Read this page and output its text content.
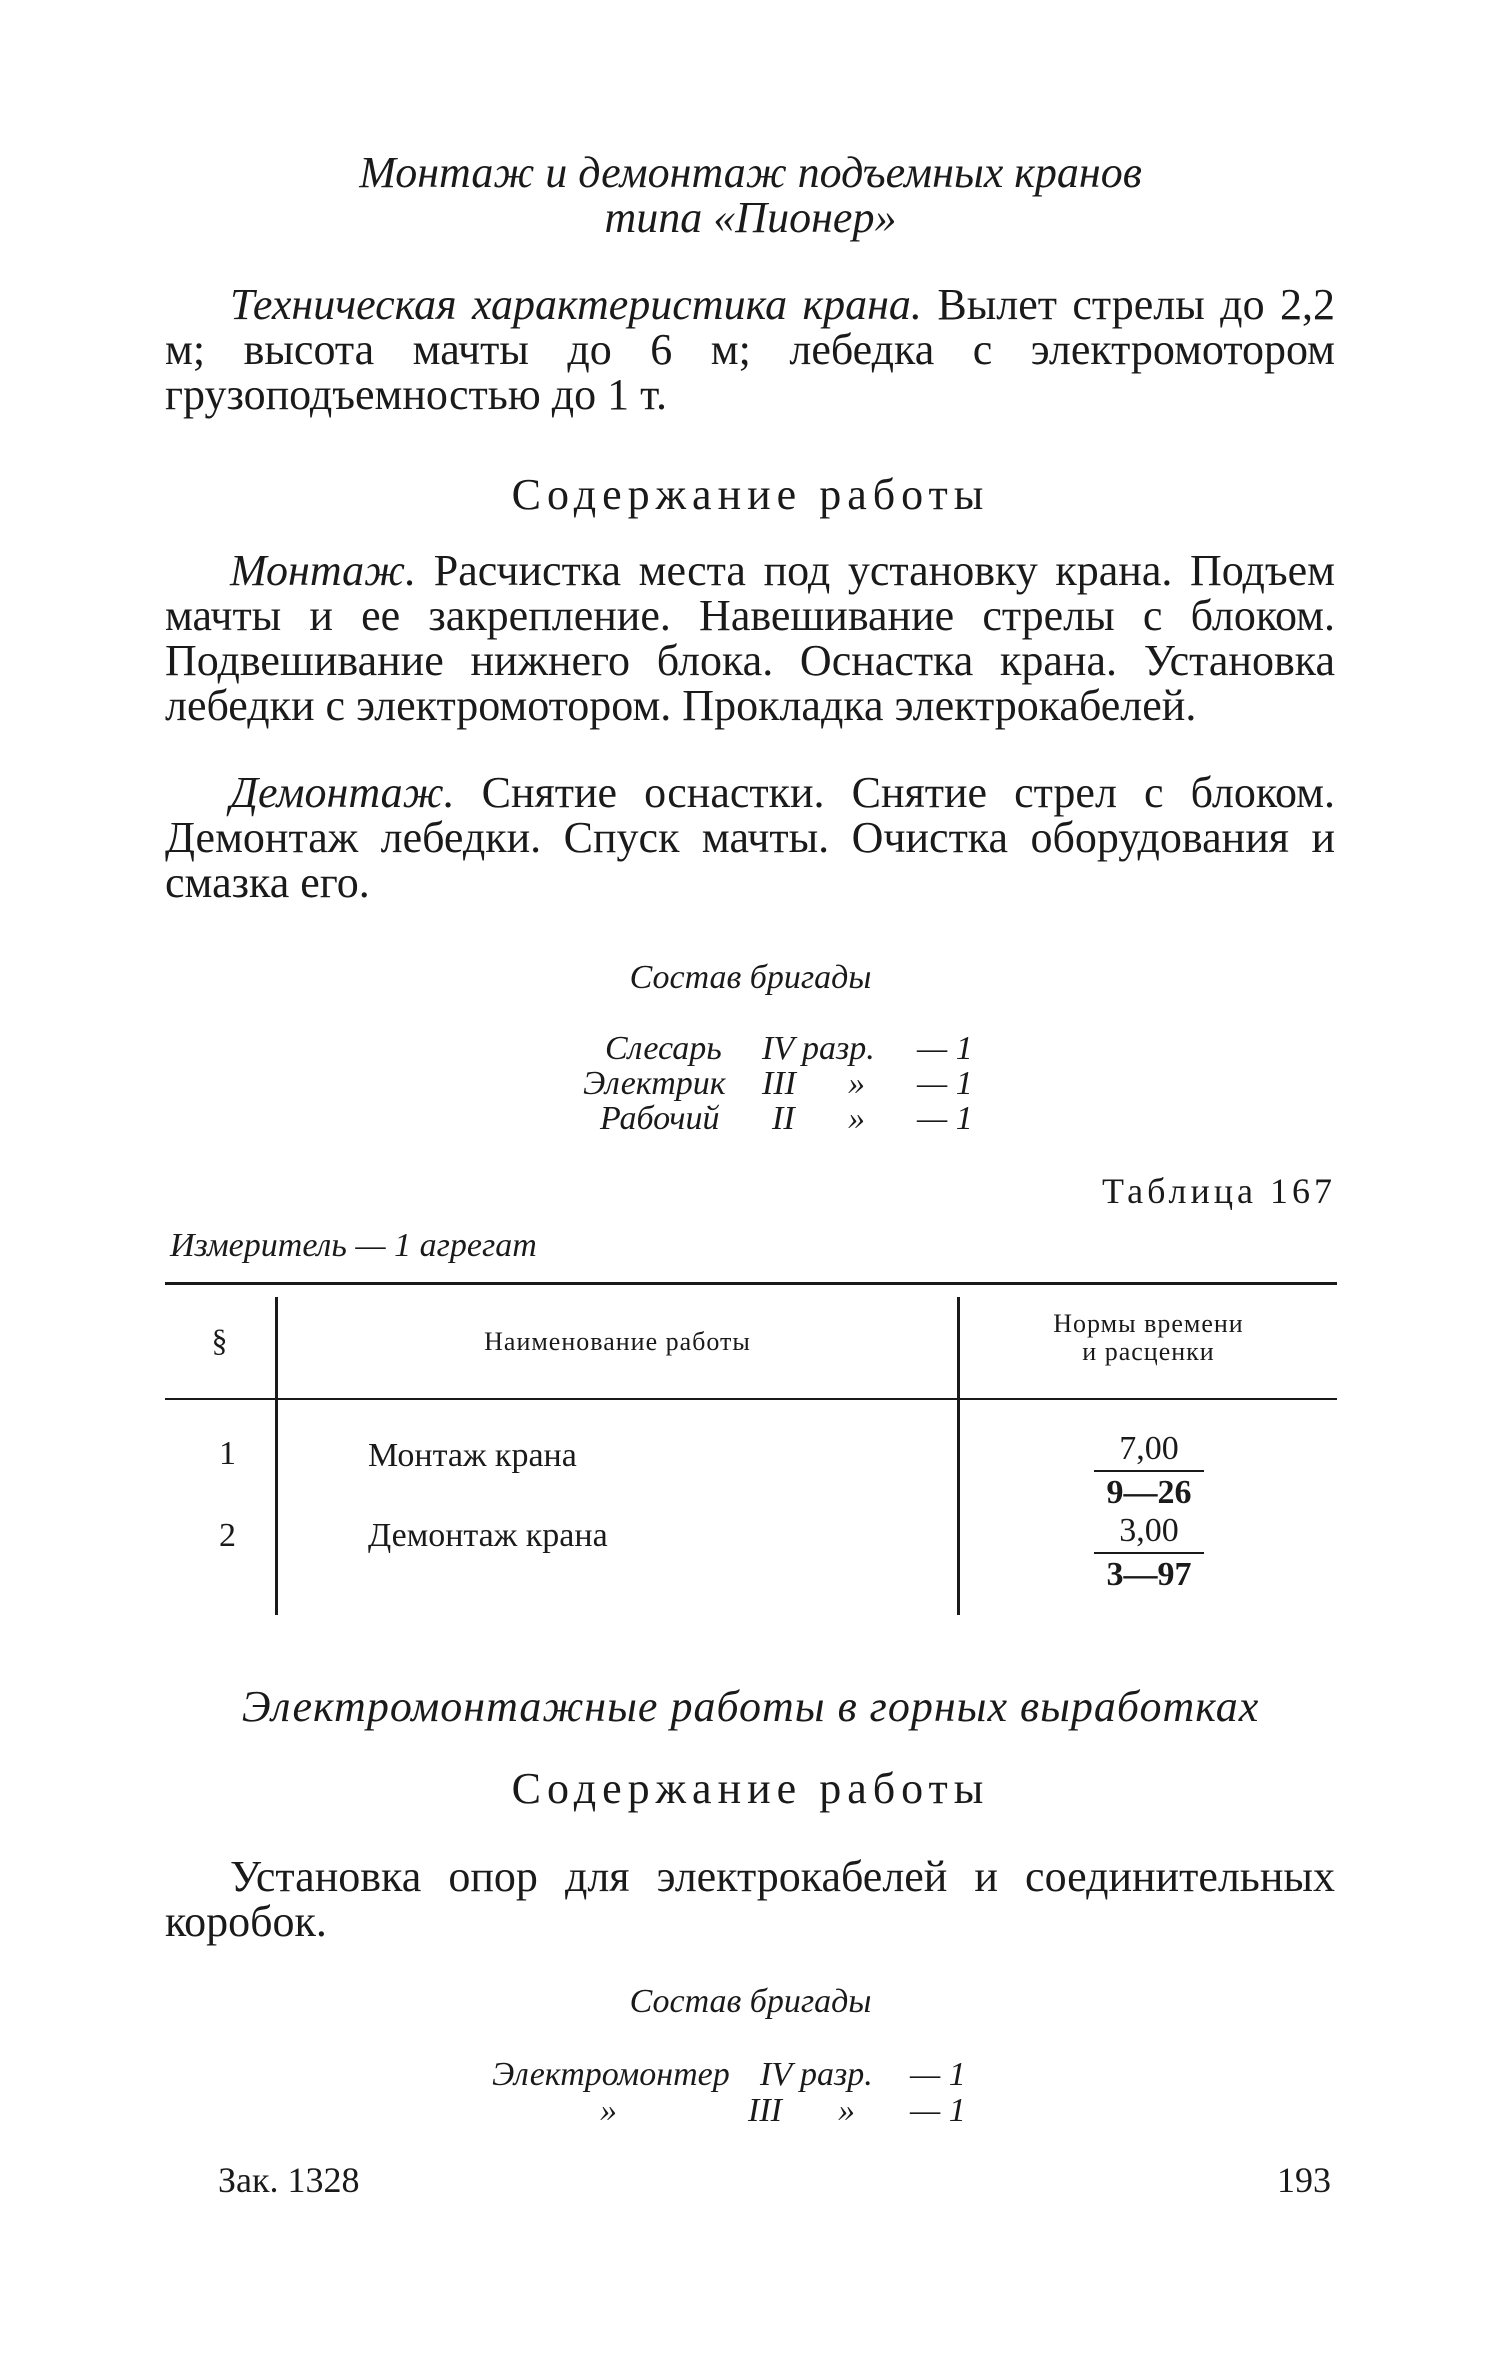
Монтаж и демонтаж подъемных кранов
типа «Пионер»

Техническая характеристика крана. Вылет стрелы до 2,2 м; высота мачты до 6 м; лебедка с электромотором грузоподъемностью до 1 т.

Содержание работы

Монтаж. Расчистка места под установку крана. Подъем мачты и ее закрепление. Навешивание стрелы с блоком. Подвешивание нижнего блока. Оснастка крана. Установка лебедки с электромотором. Прокладка электрокабелей.

Демонтаж. Снятие оснастки. Снятие стрел с блоком. Демонтаж лебедки. Спуск мачты. Очистка оборудования и смазка его.

Состав бригады
Слесарь IV разр. — 1
Электрик III » — 1
Рабочий II » — 1
Таблица 167
Измеритель — 1 агрегат
§	Наименование работы
Нормы времени
и расценки
1	Монтаж крана	7,00
9—26
2	Демонтаж крана	3,00
3—97
Электромонтажные работы в горных выработках
Содержание работы

Установка опор для электрокабелей и соединительных коробок.

Состав бригады
Электромонтер IV разр. — 1
»	III » — 1
Зак. 1328	193
